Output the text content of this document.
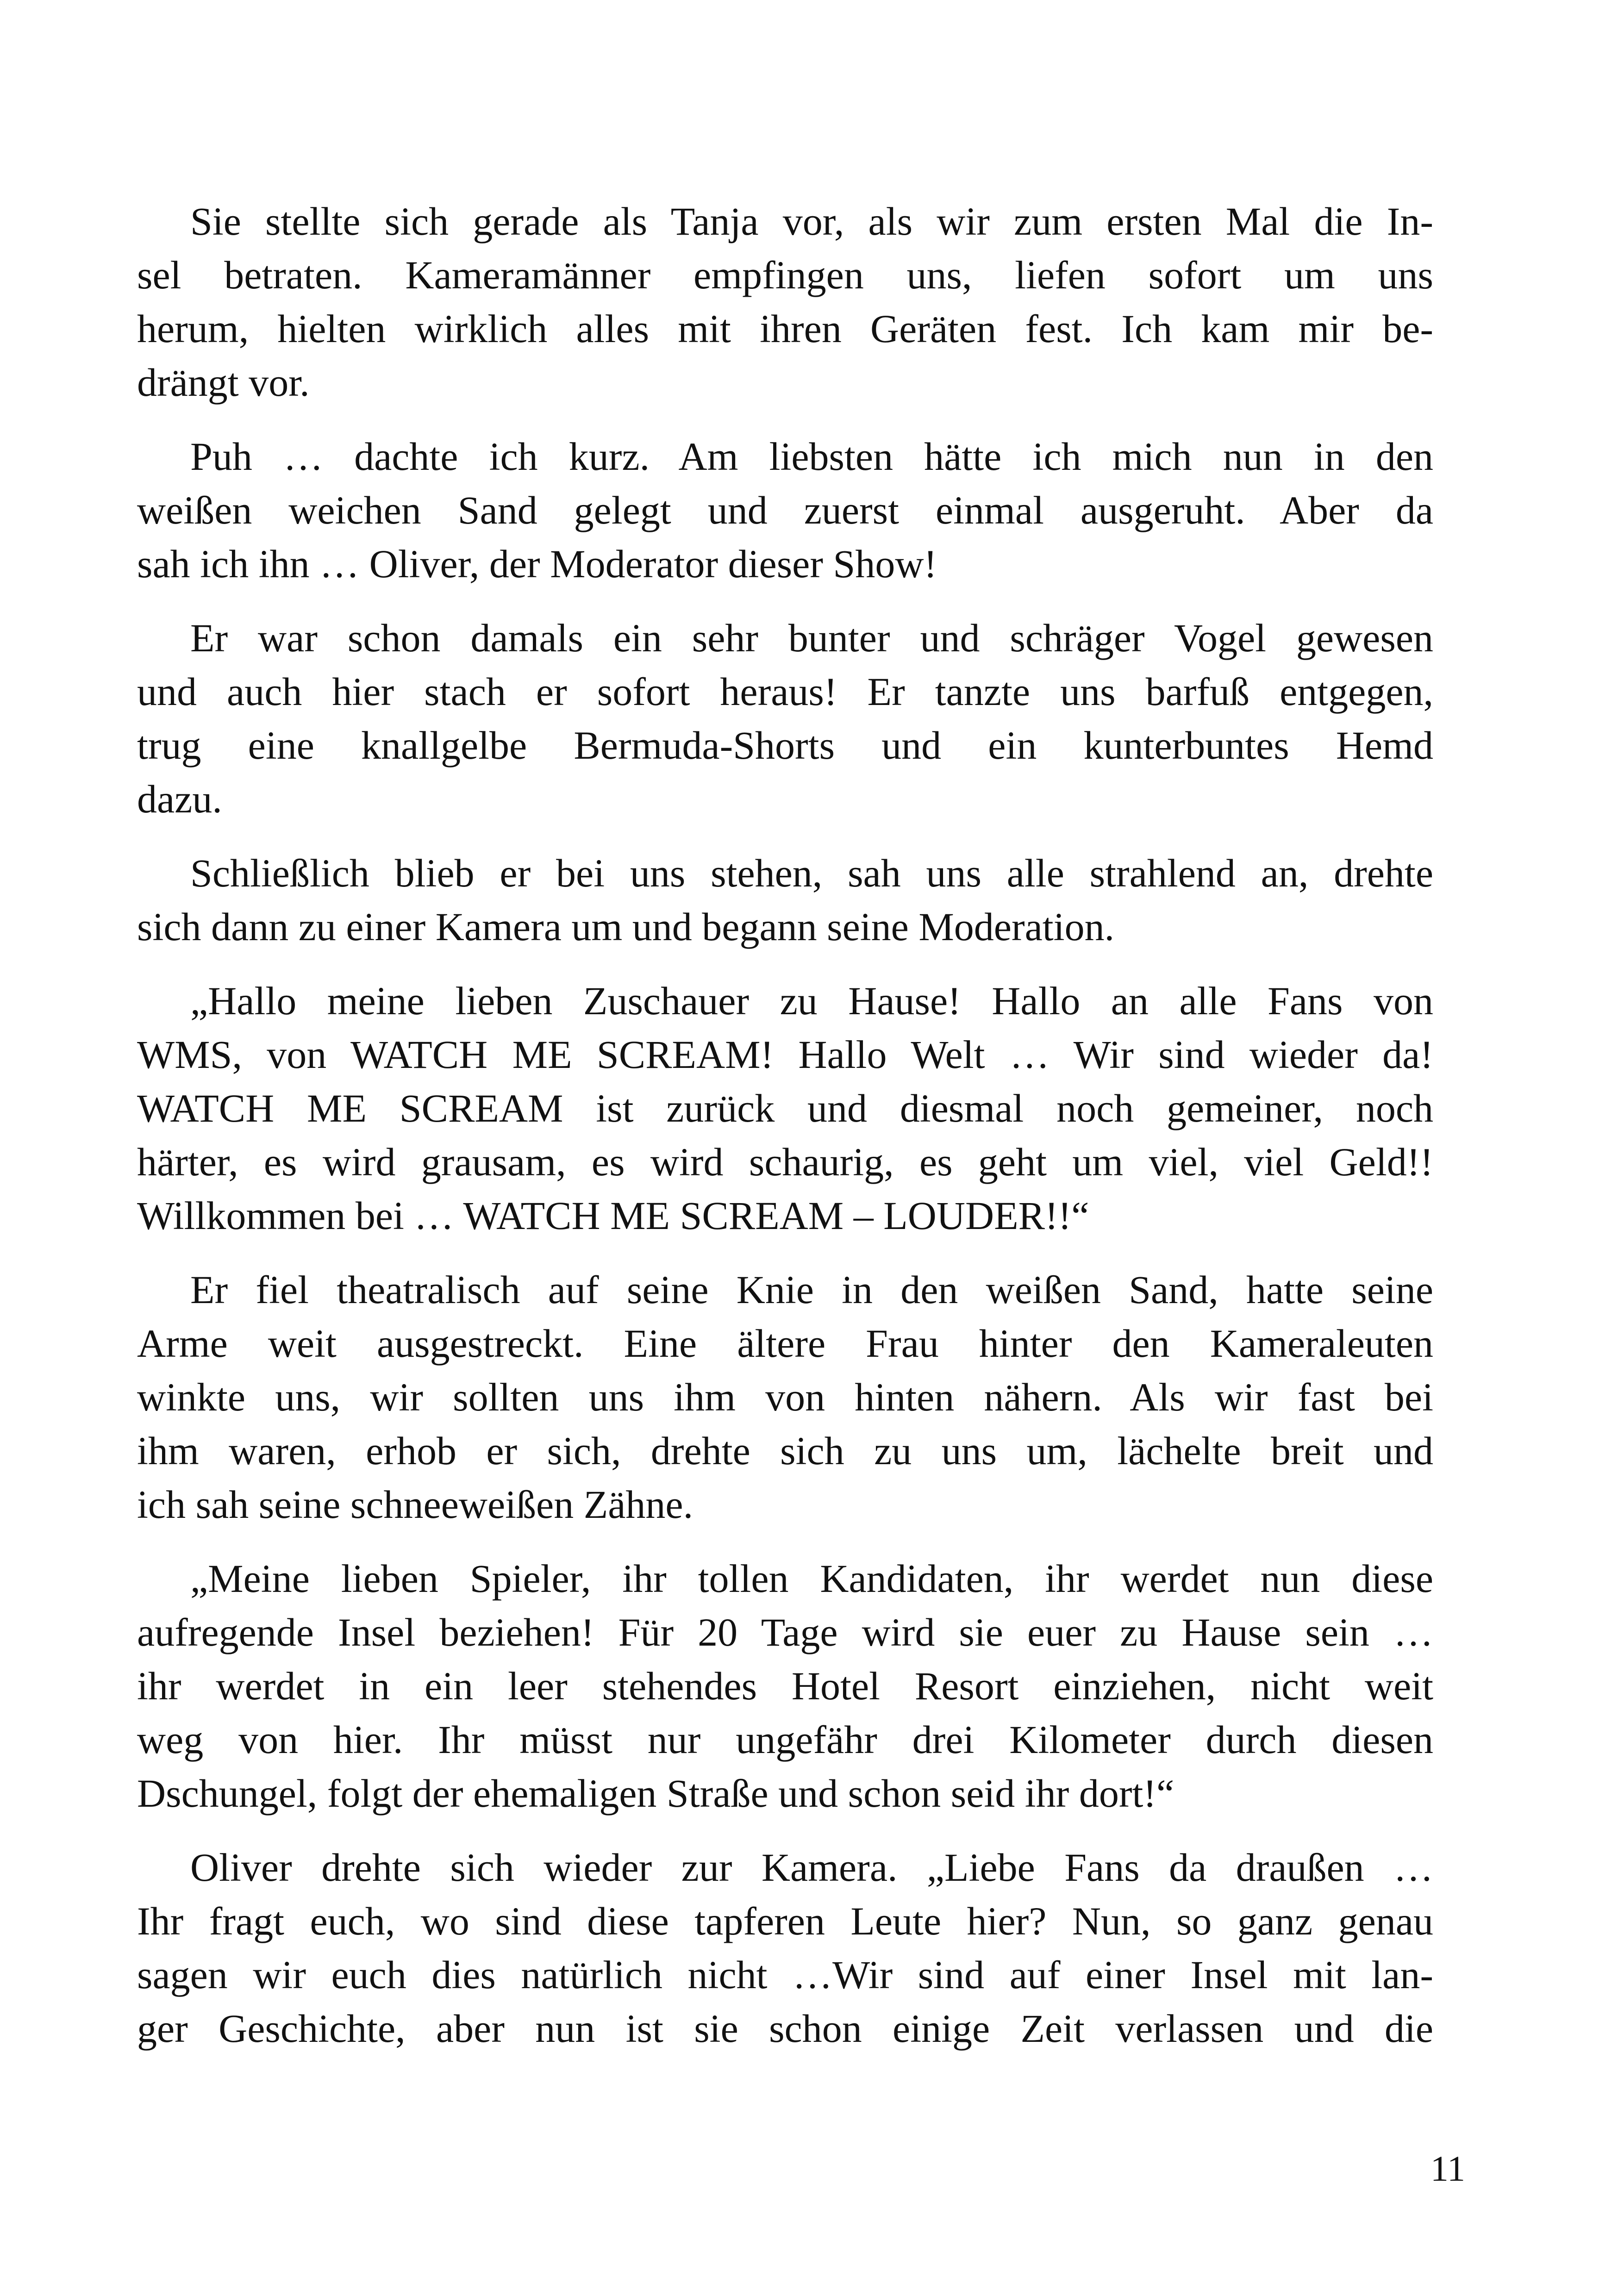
Sie stellte sich gerade als Tanja vor, als wir zum ersten Mal die In-
sel betraten. Kameramänner empfingen uns, liefen sofort um uns
herum, hielten wirklich alles mit ihren Geräten fest. Ich kam mir be-
drängt vor.

Puh … dachte ich kurz. Am liebsten hätte ich mich nun in den
weißen weichen Sand gelegt und zuerst einmal ausgeruht. Aber da
sah ich ihn … Oliver, der Moderator dieser Show!

Er war schon damals ein sehr bunter und schräger Vogel gewesen
und auch hier stach er sofort heraus! Er tanzte uns barfuß entgegen,
trug eine knallgelbe Bermuda-Shorts und ein kunterbuntes Hemd
dazu.

Schließlich blieb er bei uns stehen, sah uns alle strahlend an, drehte
sich dann zu einer Kamera um und begann seine Moderation.

„Hallo meine lieben Zuschauer zu Hause! Hallo an alle Fans von
WMS, von WATCH ME SCREAM! Hallo Welt … Wir sind wieder da!
WATCH ME SCREAM ist zurück und diesmal noch gemeiner, noch
härter, es wird grausam, es wird schaurig, es geht um viel, viel Geld!!
Willkommen bei … WATCH ME SCREAM – LOUDER!!“

Er fiel theatralisch auf seine Knie in den weißen Sand, hatte seine
Arme weit ausgestreckt. Eine ältere Frau hinter den Kameraleuten
winkte uns, wir sollten uns ihm von hinten nähern. Als wir fast bei
ihm waren, erhob er sich, drehte sich zu uns um, lächelte breit und
ich sah seine schneeweißen Zähne.

„Meine lieben Spieler, ihr tollen Kandidaten, ihr werdet nun diese
aufregende Insel beziehen! Für 20 Tage wird sie euer zu Hause sein …
ihr werdet in ein leer stehendes Hotel Resort einziehen, nicht weit
weg von hier. Ihr müsst nur ungefähr drei Kilometer durch diesen
Dschungel, folgt der ehemaligen Straße und schon seid ihr dort!“

Oliver drehte sich wieder zur Kamera. „Liebe Fans da draußen …
Ihr fragt euch, wo sind diese tapferen Leute hier? Nun, so ganz genau
sagen wir euch dies natürlich nicht …Wir sind auf einer Insel mit lan-
ger Geschichte, aber nun ist sie schon einige Zeit verlassen und die

11
